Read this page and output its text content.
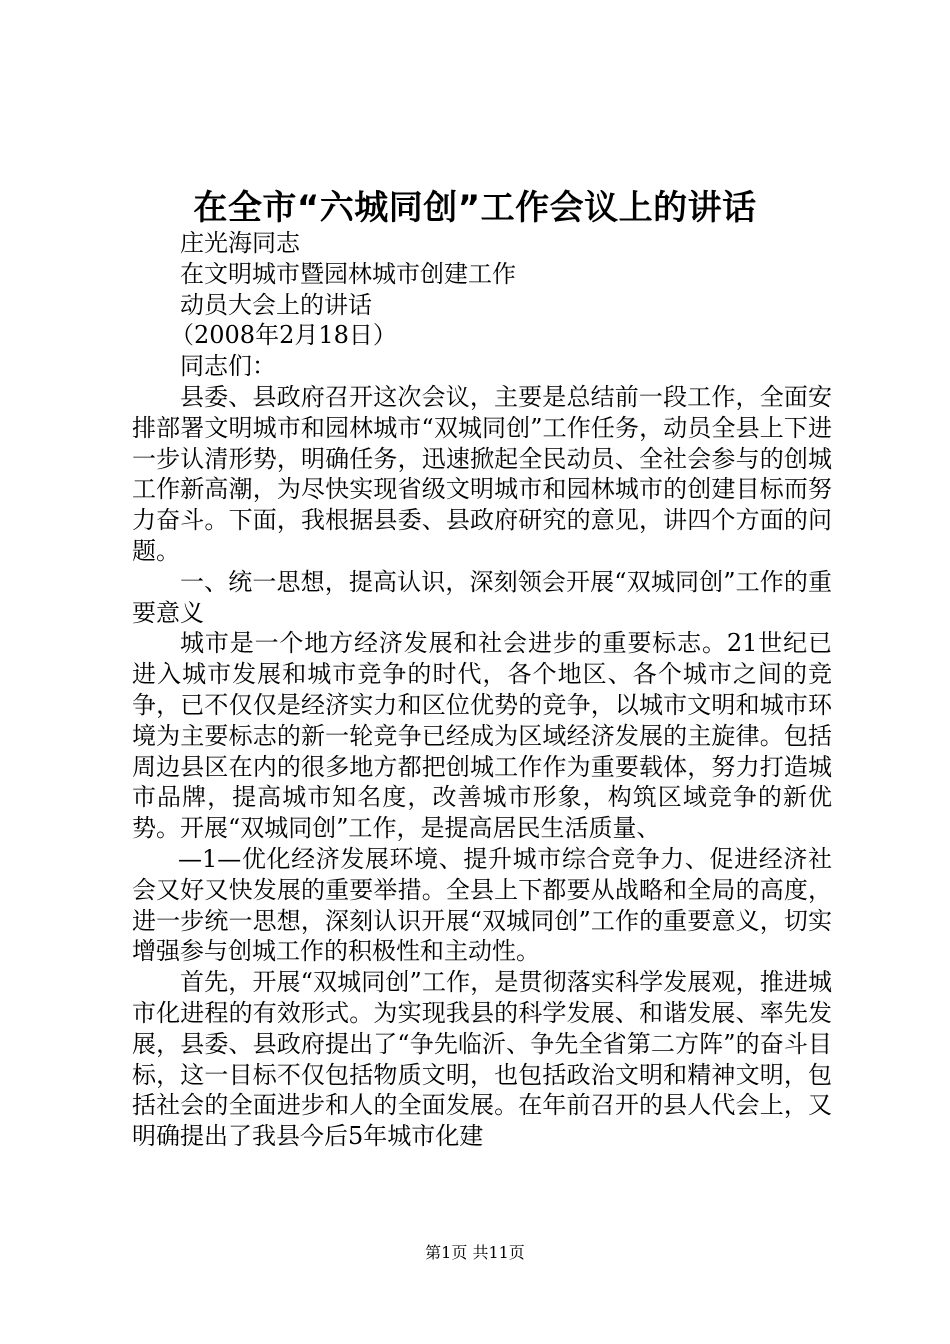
在全市“六城同创”工作会议上的讲话

庄光海同志

在文明城市暨园林城市创建工作

动员大会上的讲话

（2008年2月18日）

同志们：

县委、县政府召开这次会议，主要是总结前一段工作，全面安排部署文明城市和园林城市“双城同创”工作任务，动员全县上下进一步认清形势，明确任务，迅速掀起全民动员、全社会参与的创城工作新高潮，为尽快实现省级文明城市和园林城市的创建目标而努力奋斗。下面，我根据县委、县政府研究的意见，讲四个方面的问题。

一、统一思想，提高认识，深刻领会开展“双城同创”工作的重要意义

城市是一个地方经济发展和社会进步的重要标志。21世纪已进入城市发展和城市竞争的时代，各个地区、各个城市之间的竞争，已不仅仅是经济实力和区位优势的竞争，以城市文明和城市环境为主要标志的新一轮竞争已经成为区域经济发展的主旋律。包括周边县区在内的很多地方都把创城工作作为重要载体，努力打造城市品牌，提高城市知名度，改善城市形象，构筑区域竞争的新优势。开展“双城同创”工作，是提高居民生活质量、

—1—优化经济发展环境、提升城市综合竞争力、促进经济社会又好又快发展的重要举措。全县上下都要从战略和全局的高度，进一步统一思想，深刻认识开展“双城同创”工作的重要意义，切实增强参与创城工作的积极性和主动性。

首先，开展“双城同创”工作，是贯彻落实科学发展观，推进城市化进程的有效形式。为实现我县的科学发展、和谐发展、率先发展，县委、县政府提出了“争先临沂、争先全省第二方阵”的奋斗目标，这一目标不仅包括物质文明，也包括政治文明和精神文明，包括社会的全面进步和人的全面发展。在年前召开的县人代会上，又明确提出了我县今后5年城市化建

第1页 共11页
